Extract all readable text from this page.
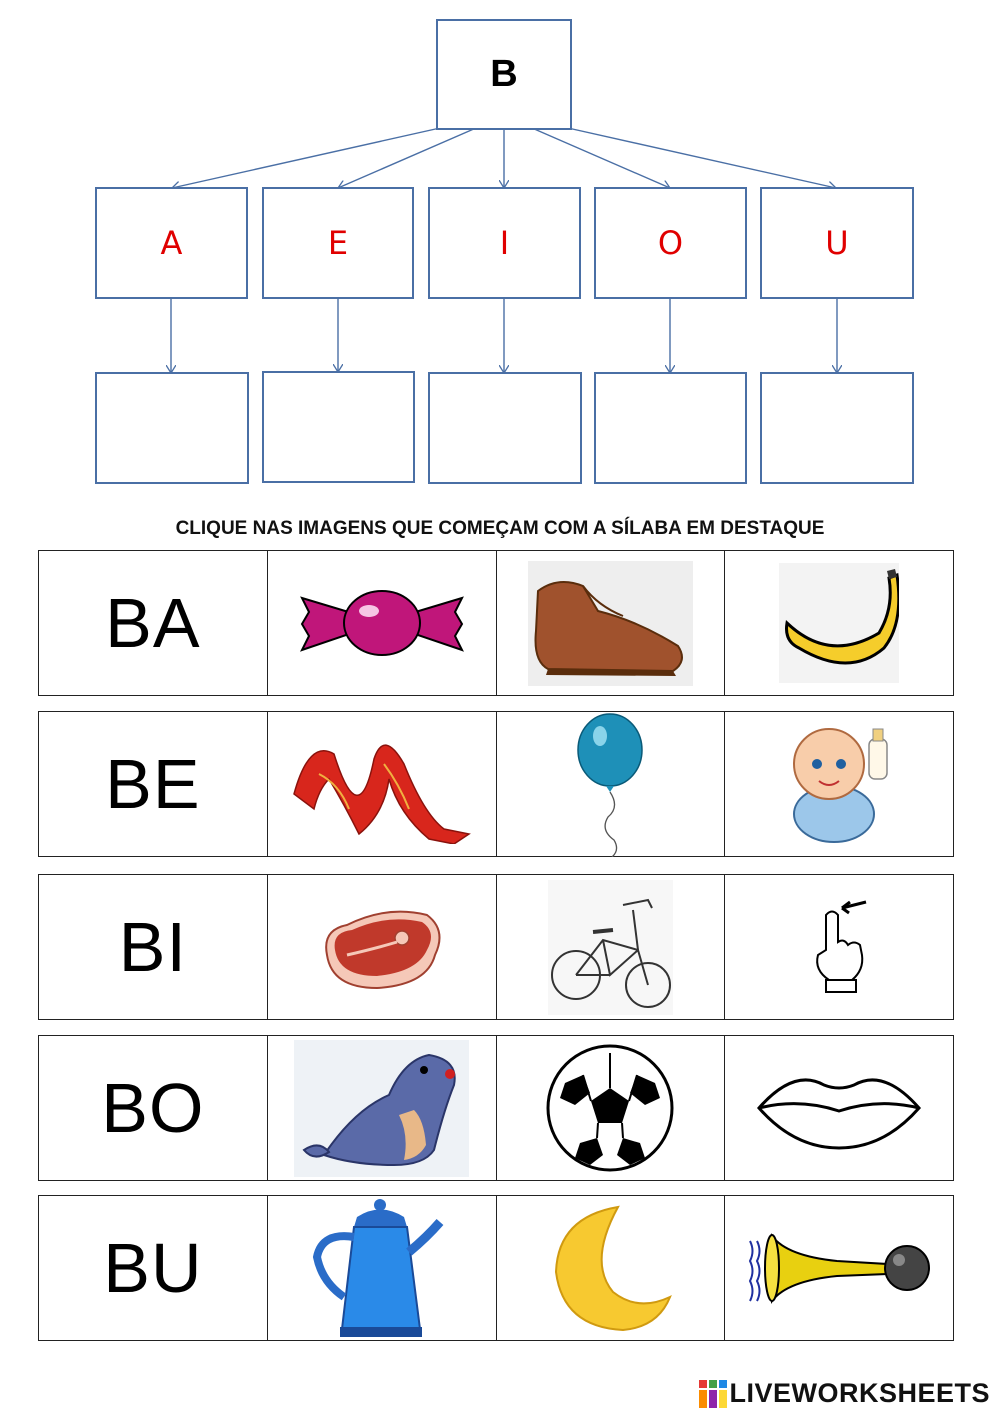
B
A	E	I	O	U
CLIQUE NAS IMAGENS QUE COMEÇAM COM A SÍLABA EM DESTAQUE
BA
BE
BI
BO
BU
LIVEWORKSHEETS
